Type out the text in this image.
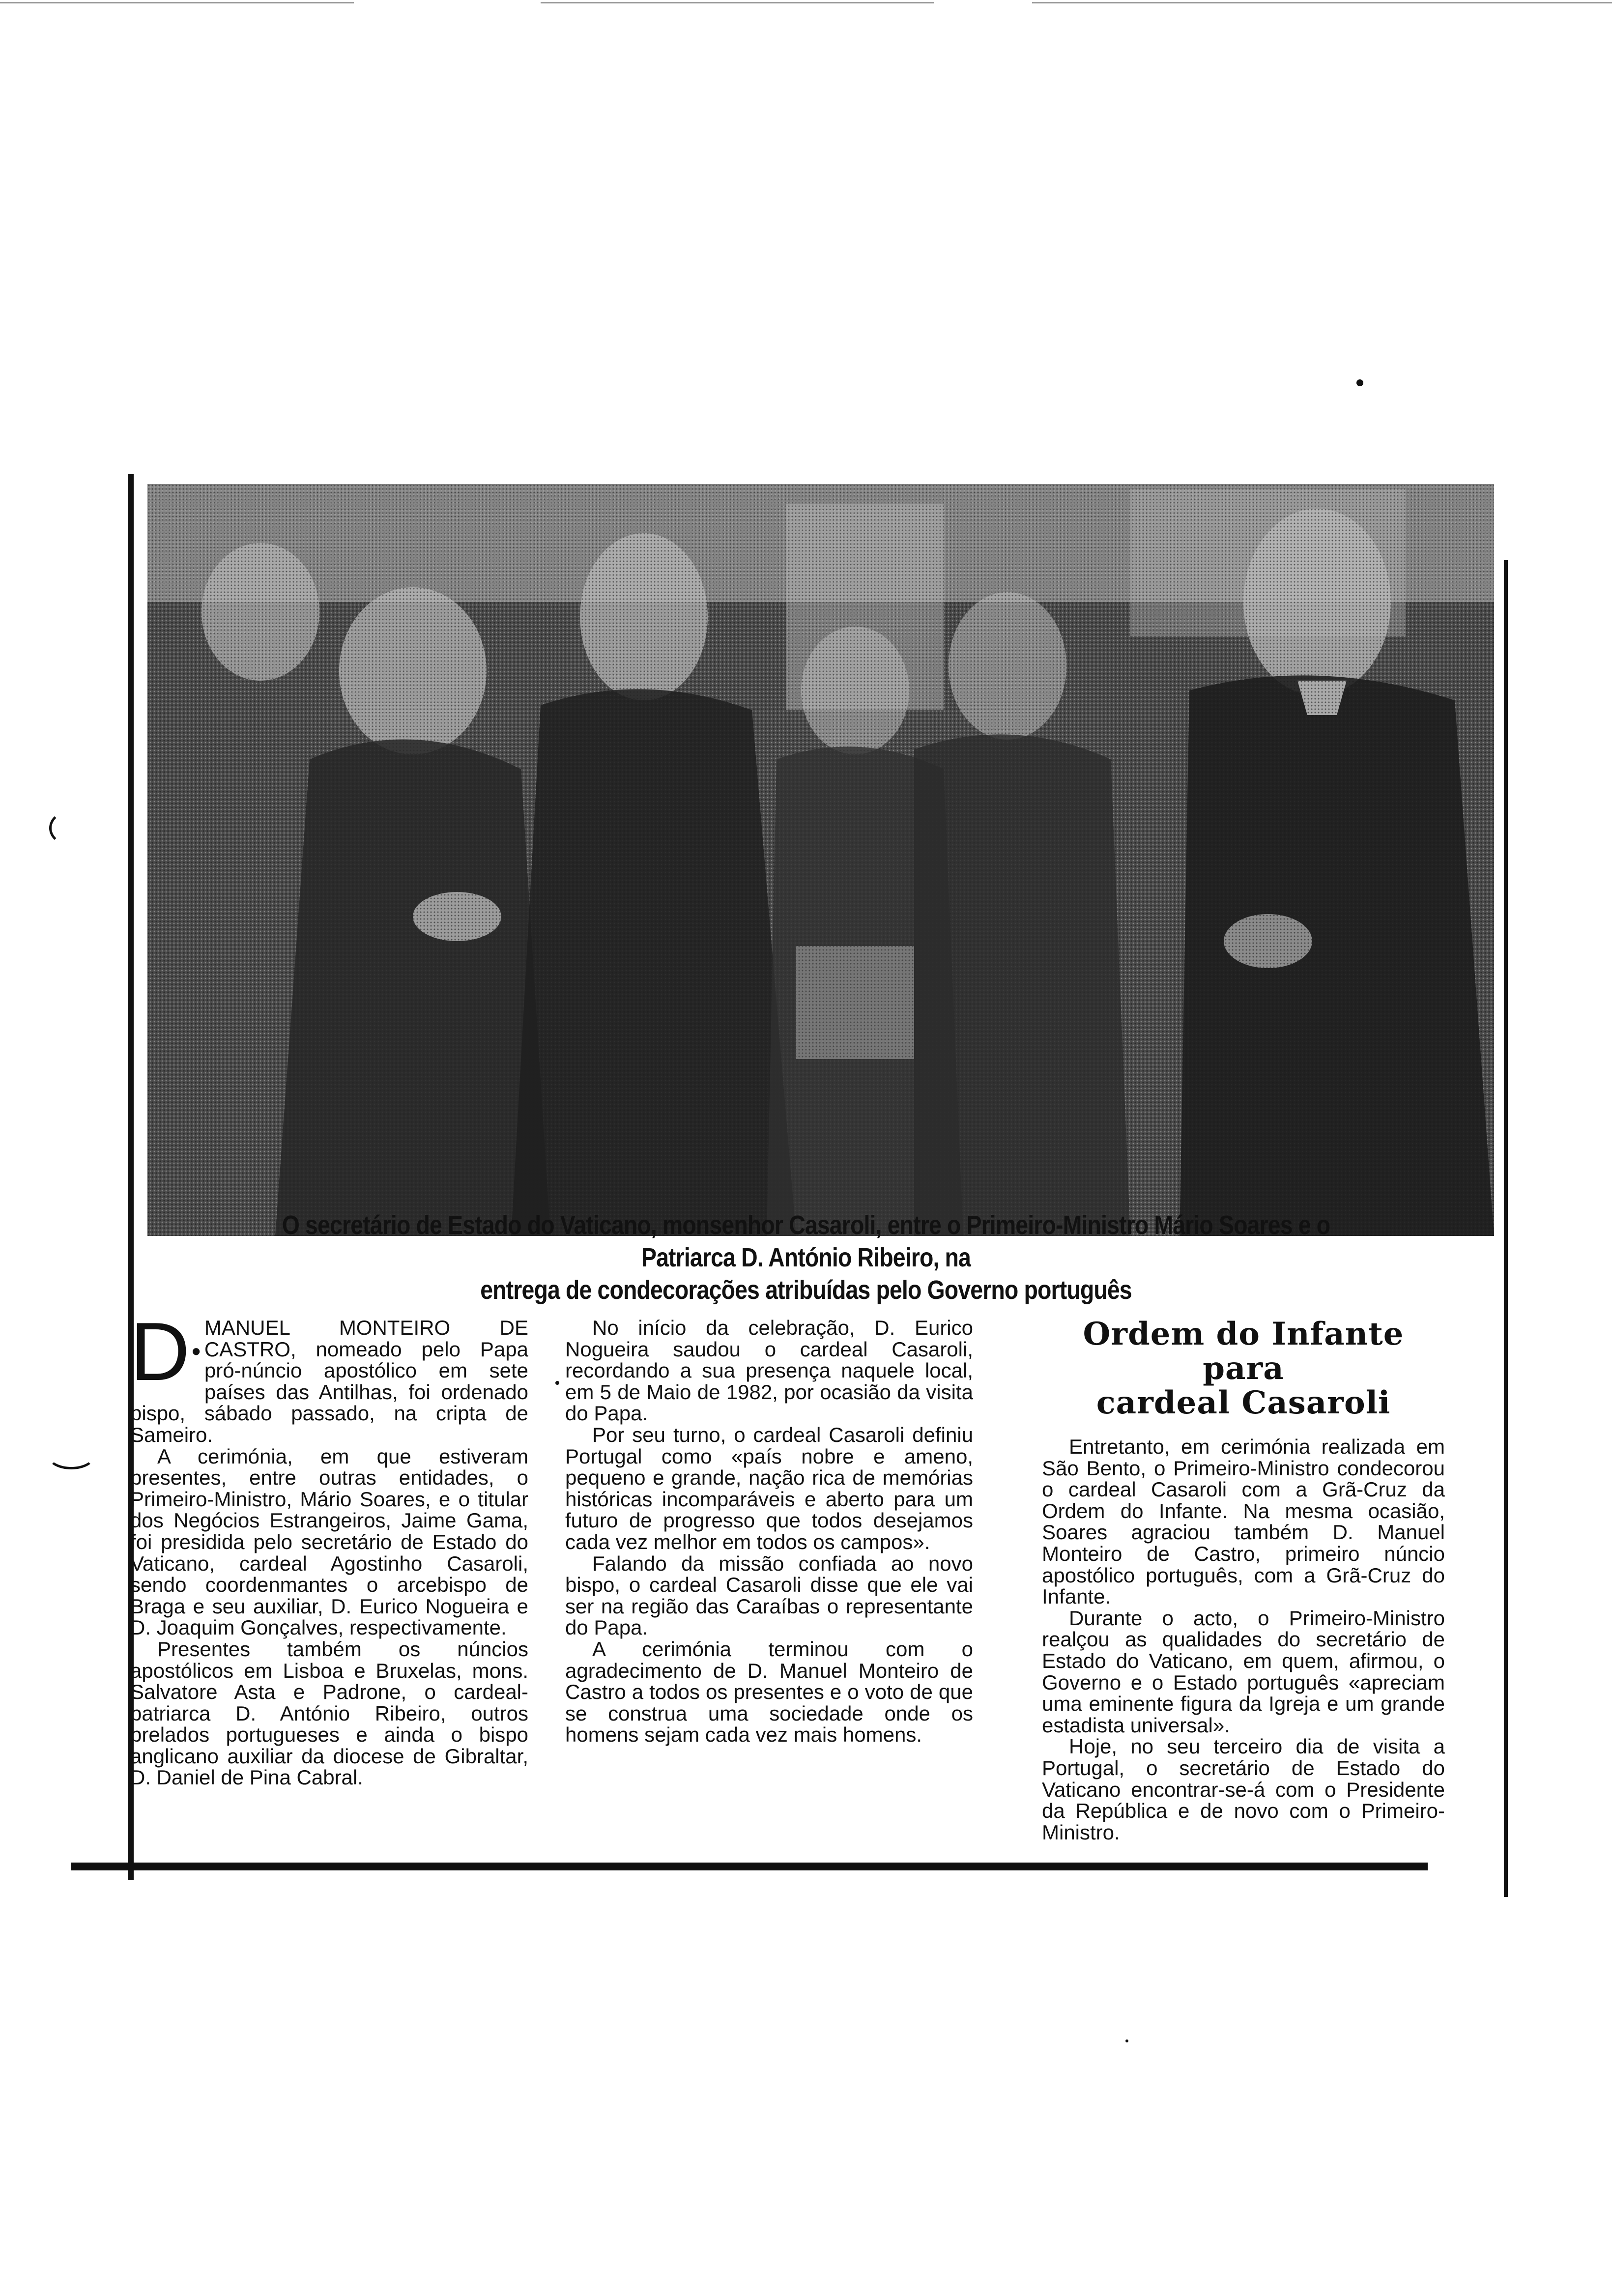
O secretário de Estado do Vaticano, monsenhor Casaroli, entre o Primeiro-Ministro Mário Soares e o Patriarca D. António Ribeiro, na
entrega de condecorações atribuídas pelo Governo português

D •
MANUEL MONTEIRO DE CASTRO, nomeado pelo Papa pró-núncio apostólico em sete países das Antilhas, foi ordenado bispo, sábado passado, na cripta de Sameiro.

A cerimónia, em que estiveram presentes, entre outras entidades, o Primeiro-Ministro, Mário Soares, e o titular dos Negócios Estrangeiros, Jaime Gama, foi presidida pelo secretário de Estado do Vaticano, cardeal Agostinho Casaroli, sendo coordenmantes o arcebispo de Braga e seu auxiliar, D. Eurico Nogueira e D. Joaquim Gonçalves, respectivamente.

Presentes também os núncios apostólicos em Lisboa e Bruxelas, mons. Salvatore Asta e Padrone, o cardeal-patriarca D. António Ribeiro, outros prelados portugueses e ainda o bispo anglicano auxiliar da diocese de Gibraltar, D. Daniel de Pina Cabral.

No início da celebração, D. Eurico Nogueira saudou o cardeal Casaroli, recordando a sua presença naquele local, em 5 de Maio de 1982, por ocasião da visita do Papa.

Por seu turno, o cardeal Casaroli definiu Portugal como «país nobre e ameno, pequeno e grande, nação rica de memórias históricas incomparáveis e aberto para um futuro de progresso que todos desejamos cada vez melhor em todos os campos».

Falando da missão confiada ao novo bispo, o cardeal Casaroli disse que ele vai ser na região das Caraíbas o representante do Papa.

A cerimónia terminou com o agradecimento de D. Manuel Monteiro de Castro a todos os presentes e o voto de que se construa uma sociedade onde os homens sejam cada vez mais homens.

Ordem do Infante para
cardeal Casaroli

Entretanto, em cerimónia realizada em São Bento, o Primeiro-Ministro condecorou o cardeal Casaroli com a Grã-Cruz da Ordem do Infante. Na mesma ocasião, Soares agraciou também D. Manuel Monteiro de Castro, primeiro núncio apostólico português, com a Grã-Cruz do Infante.

Durante o acto, o Primeiro-Ministro realçou as qualidades do secretário de Estado do Vaticano, em quem, afirmou, o Governo e o Estado português «apreciam uma eminente figura da Igreja e um grande estadista universal».

Hoje, no seu terceiro dia de visita a Portugal, o secretário de Estado do Vaticano encontrar-se-á com o Presidente da República e de novo com o Primeiro-Ministro.
